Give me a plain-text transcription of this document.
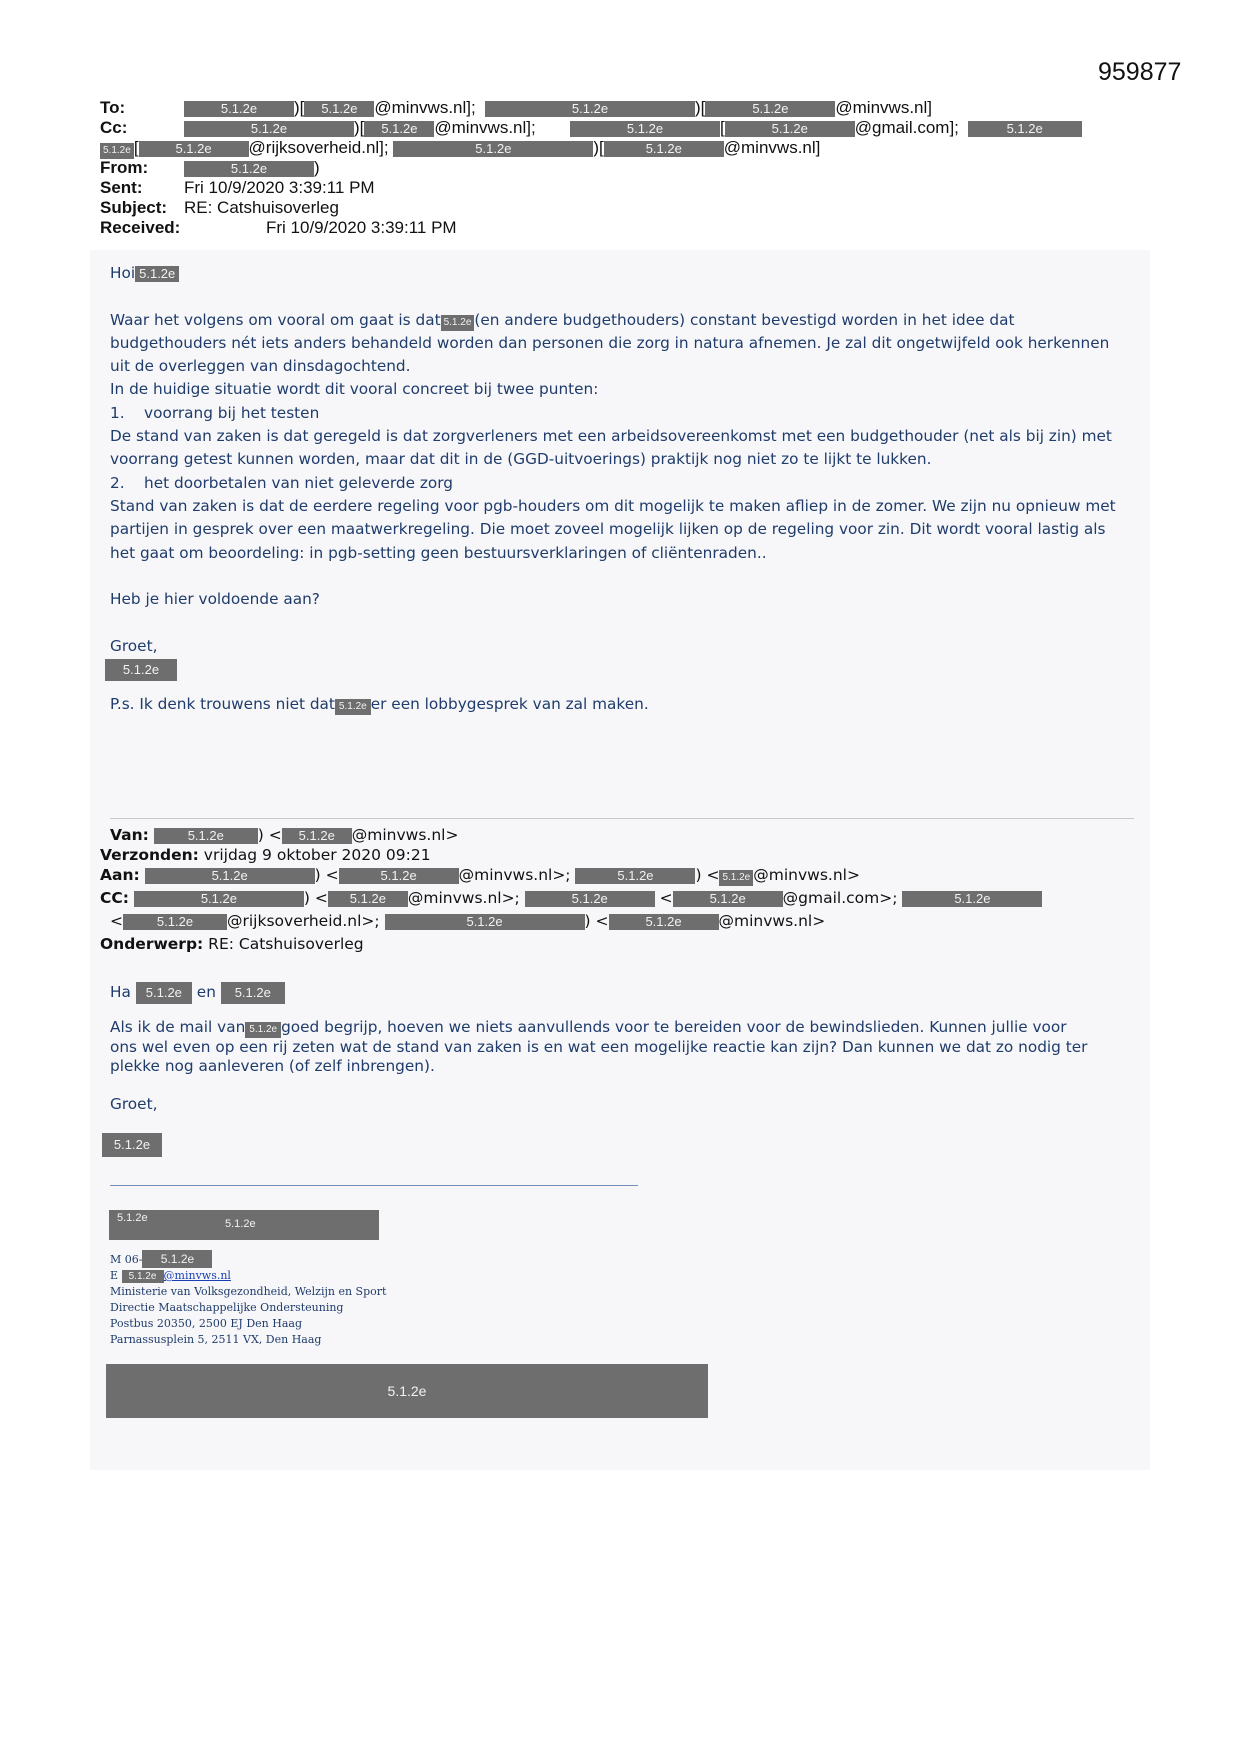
959877
To:	5.1.2e )[ 5.1.2e @minvws.nl];	5.1.2e	)[	5.1.2e	@minvws.nl]
Cc:	5.1.2e	)[ 5.1.2e @minvws.nl];	5.1.2e	[	5.1.2e	@gmail.com];	5.1.2e
5.1.2e [	5.1.2e @rijksoverheid.nl];	5.1.2e	)[	5.1.2e @minvws.nl]
From:	5.1.2e	)
Sent: Fri 10/9/2020 3:39:11 PM
Subject: RE: Catshuisoverleg
Received:	Fri 10/9/2020 3:39:11 PM

Hoi 5.1.2e

Waar het volgens om vooral om gaat is dat 5.1.2e (en andere budgethouders) constant bevestigd worden in het idee dat

budgethouders nét iets anders behandeld worden dan personen die zorg in natura afnemen. Je zal dit ongetwijfeld ook herkennen

uit de overleggen van dinsdagochtend.

In de huidige situatie wordt dit vooral concreet bij twee punten:

1.    voorrang bij het testen

De stand van zaken is dat geregeld is dat zorgverleners met een arbeidsovereenkomst met een budgethouder (net als bij zin) met

voorrang getest kunnen worden, maar dat dit in de (GGD-uitvoerings) praktijk nog niet zo te lijkt te lukken.

2.    het doorbetalen van niet geleverde zorg

Stand van zaken is dat de eerdere regeling voor pgb-houders om dit mogelijk te maken afliep in de zomer. We zijn nu opnieuw met

partijen in gesprek over een maatwerkregeling. Die moet zoveel mogelijk lijken op de regeling voor zin. Dit wordt vooral lastig als

het gaat om beoordeling: in pgb-setting geen bestuursverklaringen of cliëntenraden..

Heb je hier voldoende aan?

Groet,

5.1.2e

P.s. Ik denk trouwens niet dat 5.1.2e er een lobbygesprek van zal maken.

Van:	5.1.2e ) < 5.1.2e @minvws.nl>
Verzonden: vrijdag 9 oktober 2020 09:21
Aan:	5.1.2e	) <	5.1.2e	@minvws.nl>;	5.1.2e	) < 5.1.2e @minvws.nl>
CC:	5.1.2e	) < 5.1.2e @minvws.nl>;	5.1.2e	<	5.1.2e @gmail.com>;	5.1.2e
<	5.1.2e @rijksoverheid.nl>;	5.1.2e	) <	5.1.2e @minvws.nl>
Onderwerp: RE: Catshuisoverleg

Ha 5.1.2e en 5.1.2e

Als ik de mail van 5.1.2e goed begrijp, hoeven we niets aanvullends voor te bereiden voor de bewindslieden. Kunnen jullie voor

ons wel even op een rij zeten wat de stand van zaken is en wat een mogelijke reactie kan zijn? Dan kunnen we dat zo nodig ter

plekke nog aanleveren (of zelf inbrengen).

Groet,

5.1.2e

5.1.2e	5.1.2e
M 06- 5.1.2e
E 5.1.2e @minvws.nl
Ministerie van Volksgezondheid, Welzijn en Sport
Directie Maatschappelijke Ondersteuning
Postbus 20350, 2500 EJ Den Haag
Parnassusplein 5, 2511 VX, Den Haag
5.1.2e
